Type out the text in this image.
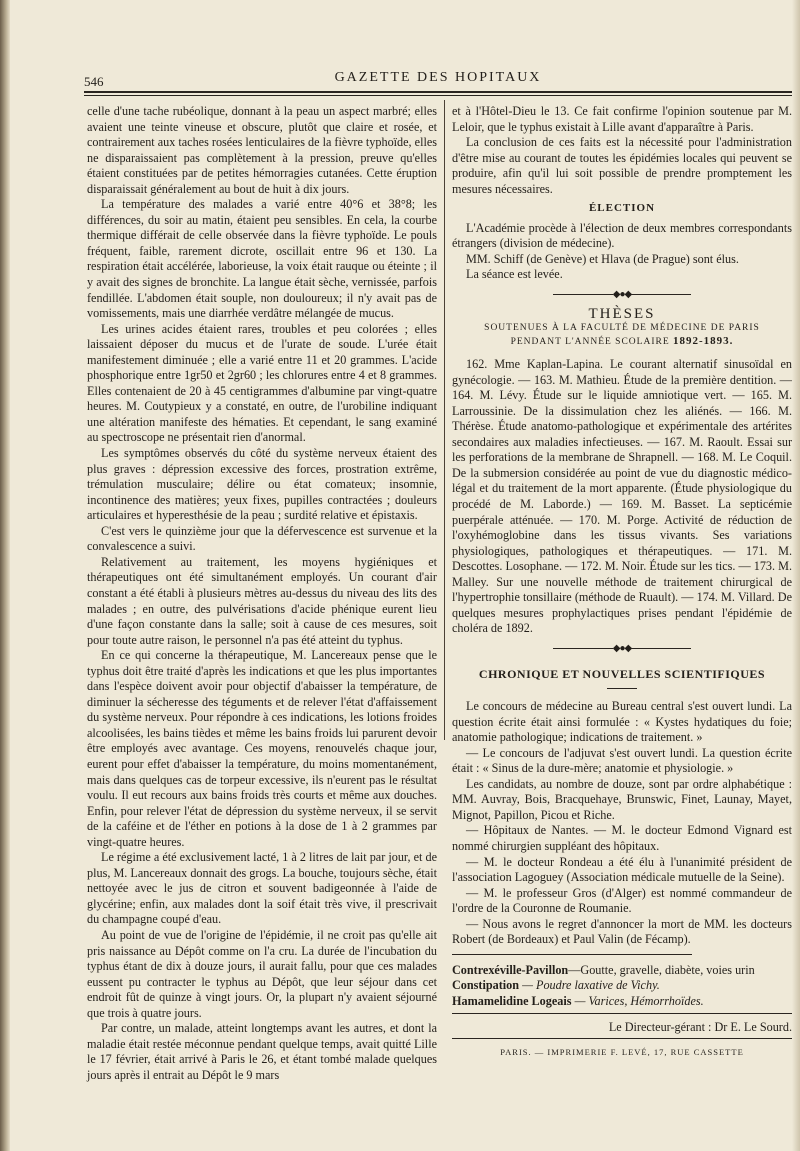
546	GAZETTE DES HOPITAUX

celle d'une tache rubéolique, donnant à la peau un aspect marbré; elles avaient une teinte vineuse et obscure, plutôt que claire et rosée, et contrairement aux taches rosées lenticulaires de la fièvre typhoïde, elles ne disparaissaient pas complètement à la pression, preuve qu'elles étaient constituées par de petites hémorragies cutanées. Cette éruption disparaissait généralement au bout de huit à dix jours.

La température des malades a varié entre 40°6 et 38°8; les différences, du soir au matin, étaient peu sensibles. En cela, la courbe thermique différait de celle observée dans la fièvre typhoïde. Le pouls fréquent, faible, rarement dicrote, oscillait entre 96 et 130. La respiration était accélérée, laborieuse, la voix était rauque ou éteinte ; il y avait des signes de bronchite. La langue était sèche, vernissée, parfois fendillée. L'abdomen était souple, non douloureux; il n'y avait pas de vomissements, mais une diarrhée verdâtre mélangée de mucus.

Les urines acides étaient rares, troubles et peu colorées ; elles laissaient déposer du mucus et de l'urate de soude. L'urée était manifestement diminuée ; elle a varié entre 11 et 20 grammes. L'acide phosphorique entre 1gr50 et 2gr60 ; les chlorures entre 4 et 8 grammes. Elles contenaient de 20 à 45 centigrammes d'albumine par vingt-quatre heures. M. Coutурieux y a constaté, en outre, de l'urobiline indiquant une altération manifeste des hématies. Et cependant, le sang examiné au spectroscope ne présentait rien d'anormal.

Les symptômes observés du côté du système nerveux étaient des plus graves : dépression excessive des forces, prostration extrême, trémulation musculaire; délire ou état comateux; insomnie, incontinence des matières; yeux fixes, pupilles contractées ; douleurs articulaires et hyperesthésie de la peau ; surdité relative et épistaxis.

C'est vers le quinzième jour que la défervescence est survenue et la convalescence a suivi.

Relativement au traitement, les moyens hygiéniques et thérapeutiques ont été simultanément employés. Un courant d'air constant a été établi à plusieurs mètres au-dessus du niveau des lits des malades ; en outre, des pulvérisations d'acide phénique eurent lieu d'une façon constante dans la salle; soit à cause de ces mesures, soit pour toute autre raison, le personnel n'a pas été atteint du typhus.

En ce qui concerne la thérapeutique, M. Lancereaux pense que le typhus doit être traité d'après les indications et que les plus importantes dans l'espèce doivent avoir pour objectif d'abaisser la température, de diminuer la sécheresse des téguments et de relever l'état d'affaissement du système nerveux. Pour répondre à ces indications, les lotions froides alcoolisées, les bains tièdes et même les bains froids lui parurent devoir être employés avec avantage. Ces moyens, renouvelés chaque jour, eurent pour effet d'abaisser la température, du moins momentanément, mais dans quelques cas de torpeur excessive, ils n'eurent pas le résultat voulu. Il eut recours aux bains froids très courts et même aux douches. Enfin, pour relever l'état de dépression du système nerveux, il se servit de la caféine et de l'éther en potions à la dose de 1 à 2 grammes par vingt-quatre heures.

Le régime a été exclusivement lacté, 1 à 2 litres de lait par jour, et de plus, M. Lancereaux donnait des grogs. La bouche, toujours sèche, était nettoyée avec le jus de citron et souvent badigeonnée à l'aide de glycérine; enfin, aux malades dont la soif était très vive, il prescrivait du champagne coupé d'eau.

Au point de vue de l'origine de l'épidémie, il ne croit pas qu'elle ait pris naissance au Dépôt comme on l'a cru. La durée de l'incubation du typhus étant de dix à douze jours, il aurait fallu, pour que ces malades eussent pu contracter le typhus au Dépôt, que leur séjour dans cet endroit fût de quinze à vingt jours. Or, la plupart n'y avaient séjourné que trois à quatre jours.

Par contre, un malade, atteint longtemps avant les autres, et dont la maladie était restée méconnue pendant quelque temps, avait quitté Lille le 17 février, était arrivé à Paris le 26, et étant tombé malade quelques jours après il entrait au Dépôt le 9 mars

et à l'Hôtel-Dieu le 13. Ce fait confirme l'opinion soutenue par M. Leloir, que le typhus existait à Lille avant d'apparaître à Paris.

La conclusion de ces faits est la nécessité pour l'administration d'être mise au courant de toutes les épidémies locales qui peuvent se produire, afin qu'il lui soit possible de prendre promptement les mesures nécessaires.

ÉLECTION

L'Académie procède à l'élection de deux membres correspondants étrangers (division de médecine).

MM. Schiff (de Genève) et Hlava (de Prague) sont élus.

La séance est levée.

◆●◆
THÈSES
SOUTENUES À LA FACULTÉ DE MÉDECINE DE PARIS
PENDANT L'ANNÉE SCOLAIRE 1892-1893.

162. Mme Kaplan-Lapina. Le courant alternatif sinusoïdal en gynécologie. — 163. M. Mathieu. Étude de la première dentition. — 164. M. Lévy. Étude sur le liquide amniotique vert. — 165. M. Larroussinie. De la dissimulation chez les aliénés. — 166. M. Thérèse. Étude anatomo-pathologique et expérimentale des artérites secondaires aux maladies infectieuses. — 167. M. Raoult. Essai sur les perforations de la membrane de Shrapnell. — 168. M. Le Coquil. De la submersion considérée au point de vue du diagnostic médico-légal et du traitement de la mort apparente. (Étude physiologique du procédé de M. Laborde.) — 169. M. Basset. La septicémie puerpérale atténuée. — 170. M. Porge. Activité de réduction de l'oxyhémoglobine dans les tissus vivants. Ses variations physiologiques, pathologiques et thérapeutiques. — 171. M. Descottes. Losophane. — 172. M. Noir. Étude sur les tics. — 173. M. Malley. Sur une nouvelle méthode de traitement chirurgical de l'hypertrophie tonsillaire (méthode de Ruault). — 174. M. Villard. De quelques mesures prophylactiques prises pendant l'épidémie de choléra de 1892.

◆●◆
CHRONIQUE ET NOUVELLES SCIENTIFIQUES

Le concours de médecine au Bureau central s'est ouvert lundi. La question écrite était ainsi formulée : « Kystes hydatiques du foie; anatomie pathologique; indications de traitement. »

— Le concours de l'adjuvat s'est ouvert lundi. La question écrite était : « Sinus de la dure-mère; anatomie et physiologie. »

Les candidats, au nombre de douze, sont par ordre alphabétique : MM. Auvray, Bois, Bracquehaye, Brunswic, Finet, Launay, Mayet, Mignot, Papillon, Picou et Riche.

— Hôpitaux de Nantes. — M. le docteur Edmond Vignard est nommé chirurgien suppléant des hôpitaux.

— M. le docteur Rondeau a été élu à l'unanimité président de l'association Lagoguey (Association médicale mutuelle de la Seine).

— M. le professeur Gros (d'Alger) est nommé commandeur de l'ordre de la Couronne de Roumanie.

— Nous avons le regret d'annoncer la mort de MM. les docteurs Robert (de Bordeaux) et Paul Valin (de Fécamp).

Contrexéville-Pavillon—Goutte, gravelle, diabète, voies urin

Constipation — Poudre laxative de Vichy.

Hamamelidine Logeais — Varices, Hémorrhoïdes.

Le Directeur-gérant : Dr E. Le Sourd.
PARIS. — IMPRIMERIE F. LEVÉ, 17, RUE CASSETTE
